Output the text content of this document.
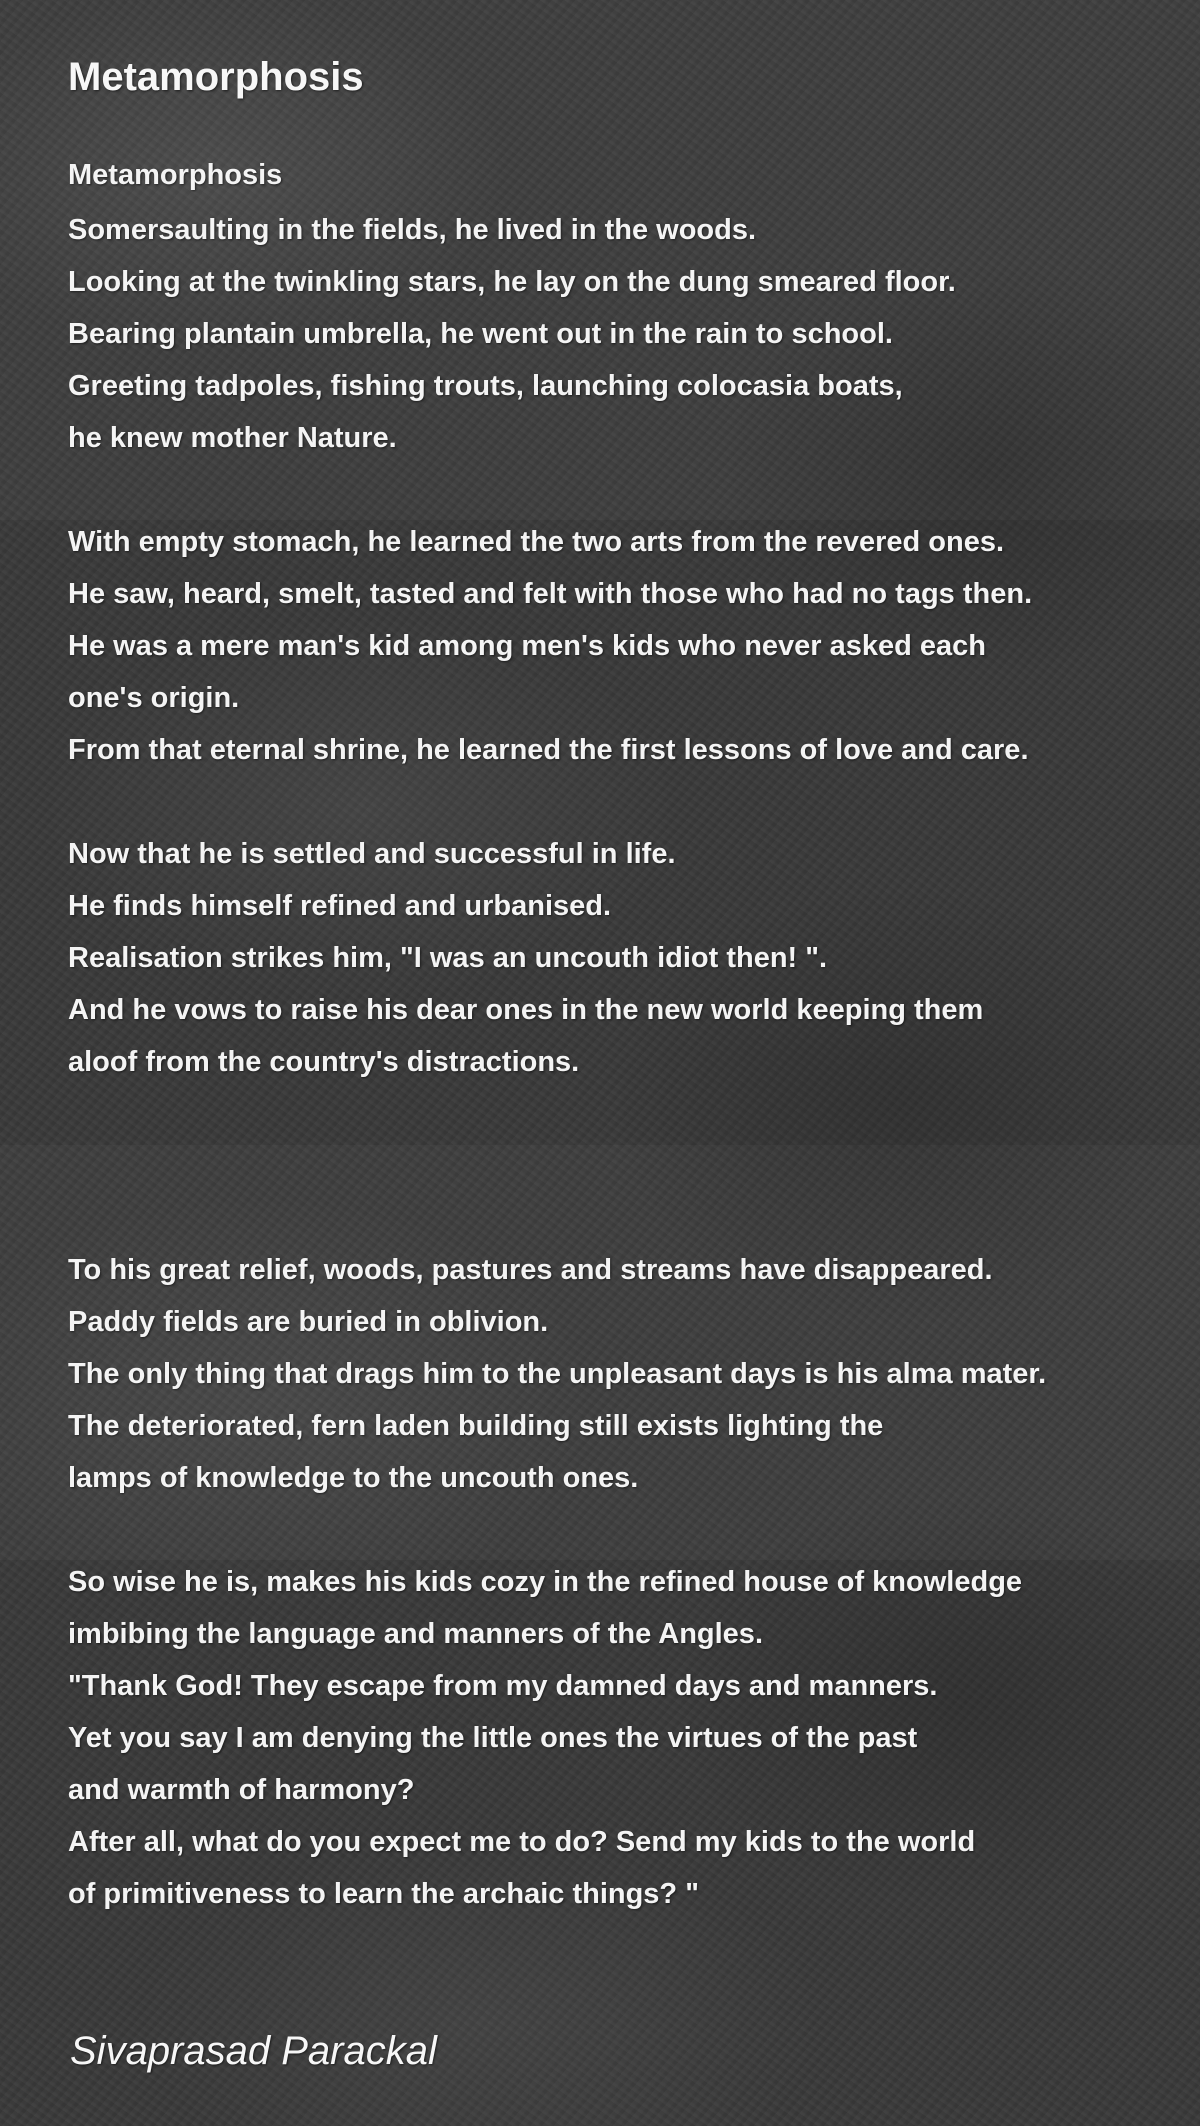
Metamorphosis
Somersaulting in the fields, he lived in the woods.
Looking at the twinkling stars, he lay on the dung smeared floor.
Bearing plantain umbrella, he went out in the rain to school.
Greeting tadpoles, fishing trouts, launching colocasia boats,
he knew mother Nature.
With empty stomach, he learned the two arts from the revered ones.
He saw, heard, smelt, tasted and felt with those who had no tags then.
He was a mere man's kid among men's kids who never asked each
one's origin.
From that eternal shrine, he learned the first lessons of love and care.
Now that he is settled and successful in life.
He finds himself refined and urbanised.
Realisation strikes him, "I was an uncouth idiot then! ".
And he vows to raise his dear ones in the new world keeping them
aloof from the country's distractions.
To his great relief, woods, pastures and streams have disappeared.
Paddy fields are buried in oblivion.
The only thing that drags him to the unpleasant days is his alma mater.
The deteriorated, fern laden building still exists lighting the
lamps of knowledge to the uncouth ones.
So wise he is, makes his kids cozy in the refined house of knowledge
imbibing the language and manners of the Angles.
"Thank God! They escape from my damned days and manners.
Yet you say I am denying the little ones the virtues of the past
and warmth of harmony?
After all, what do you expect me to do? Send my kids to the world
of primitiveness to learn the archaic things? "
Metamorphosis
Sivaprasad Parackal
